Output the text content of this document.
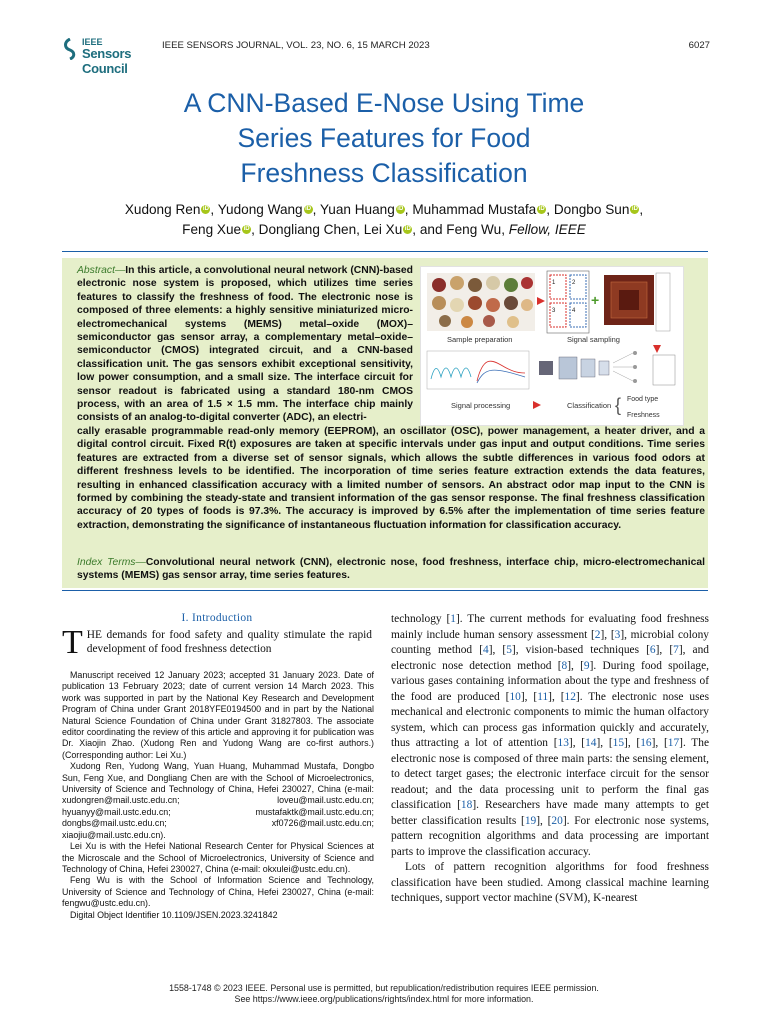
IEEE
Sensors Council
IEEE SENSORS JOURNAL, VOL. 23, NO. 6, 15 MARCH 2023	6027
A CNN-Based E-Nose Using Time
Series Features for Food
Freshness Classification
Xudong Ren iD , Yudong Wang iD , Yuan Huang iD , Muhammad Mustafa iD , Dongbo Sun iD ,
Feng Xue iD , Dongliang Chen, Lei Xu iD , and Feng Wu, Fellow, IEEE
Abstract—In this article, a convolutional neural network (CNN)-based electronic nose system is proposed, which utilizes time series features to classify the freshness of food. The electronic nose is composed of three elements: a highly sensitive miniaturized micro-electromechanical systems (MEMS) metal–oxide (MOX)–semiconductor gas sensor array, a complementary metal–oxide–semiconductor (CMOS) integrated circuit, and a CNN-based classification unit. The gas sensors exhibit exceptional sensitivity, low power consumption, and a small size. The interface circuit for sensor readout is fabricated using a standard 180-nm CMOS process, with an area of 1.5 × 1.5 mm. The interface chip mainly consists of an analog-to-digital converter (ADC), an electri-
cally erasable programmable read-only memory (EEPROM), an oscillator (OSC), power management, a heater driver, and a digital control circuit. Fixed R(t) exposures are taken at specific intervals under gas input and output conditions. Time series features are extracted from a diverse set of sensor signals, which allows the subtle differences in various food odors at different freshness levels to be identified. The incorporation of time series feature extraction extends the data features, resulting in enhanced classification accuracy with a limited number of sensors. An abstract odor map input to the CNN is formed by combining the steady-state and transient information of the gas sensor response. The final freshness classification accuracy of 20 types of foods is 97.3%. The accuracy is improved by 6.5% after the implementation of time series feature extraction, demonstrating the significance of instantaneous fluctuation information for classification accuracy.
Sample preparation
1	2
3	4
+
Signal sampling
Signal processing	Classification { Food type
Freshness
Index Terms—Convolutional neural network (CNN), electronic nose, food freshness, interface chip, micro-electromechanical systems (MEMS) gas sensor array, time series features.
I. Introduction
THE demands for food safety and quality stimulate the rapid development of food freshness detection

Manuscript received 12 January 2023; accepted 31 January 2023. Date of publication 13 February 2023; date of current version 14 March 2023. This work was supported in part by the National Key Research and Development Program of China under Grant 2018YFE0194500 and in part by the National Natural Science Foundation of China under Grant 31827803. The associate editor coordinating the review of this article and approving it for publication was Dr. Xiaojin Zhao. (Xudong Ren and Yudong Wang are co-first authors.) (Corresponding author: Lei Xu.)

Xudong Ren, Yudong Wang, Yuan Huang, Muhammad Mustafa, Dongbo Sun, Feng Xue, and Dongliang Chen are with the School of Microelectronics, University of Science and Technology of China, Hefei 230027, China (e-mail: xudongren@mail.ustc.edu.cn; loveu@mail.ustc.edu.cn; hyuanyy@mail.ustc.edu.cn; mustafaktk@mail.ustc.edu.cn; dongbs@mail.ustc.edu.cn; xf0726@mail.ustc.edu.cn; xiaojiu@mail.ustc.edu.cn).

Lei Xu is with the Hefei National Research Center for Physical Sciences at the Microscale and the School of Microelectronics, University of Science and Technology of China, Hefei 230027, China (e-mail: okxulei@ustc.edu.cn).

Feng Wu is with the School of Information Science and Technology, University of Science and Technology of China, Hefei 230027, China (e-mail: fengwu@ustc.edu.cn).

Digital Object Identifier 10.1109/JSEN.2023.3241842

technology [1]. The current methods for evaluating food freshness mainly include human sensory assessment [2], [3], microbial colony counting method [4], [5], vision-based techniques [6], [7], and electronic nose detection method [8], [9]. During food spoilage, various gases containing information about the type and freshness of the food are produced [10], [11], [12]. The electronic nose uses mechanical and electronic components to mimic the human olfactory system, which can process gas information quickly and accurately, thus attracting a lot of attention [13], [14], [15], [16], [17]. The electronic nose is composed of three main parts: the sensing element, to detect target gases; the electronic interface circuit for the sensor readout; and the data processing unit to perform the final gas classification [18]. Researchers have made many attempts to get better classification results [19], [20]. For electronic nose systems, pattern recognition algorithms and data processing are important parts to improve the classification accuracy.

Lots of pattern recognition algorithms for food freshness classification have been studied. Among classical machine learning techniques, support vector machine (SVM), K-nearest

1558-1748 © 2023 IEEE. Personal use is permitted, but republication/redistribution requires IEEE permission.
See https://www.ieee.org/publications/rights/index.html for more information.
